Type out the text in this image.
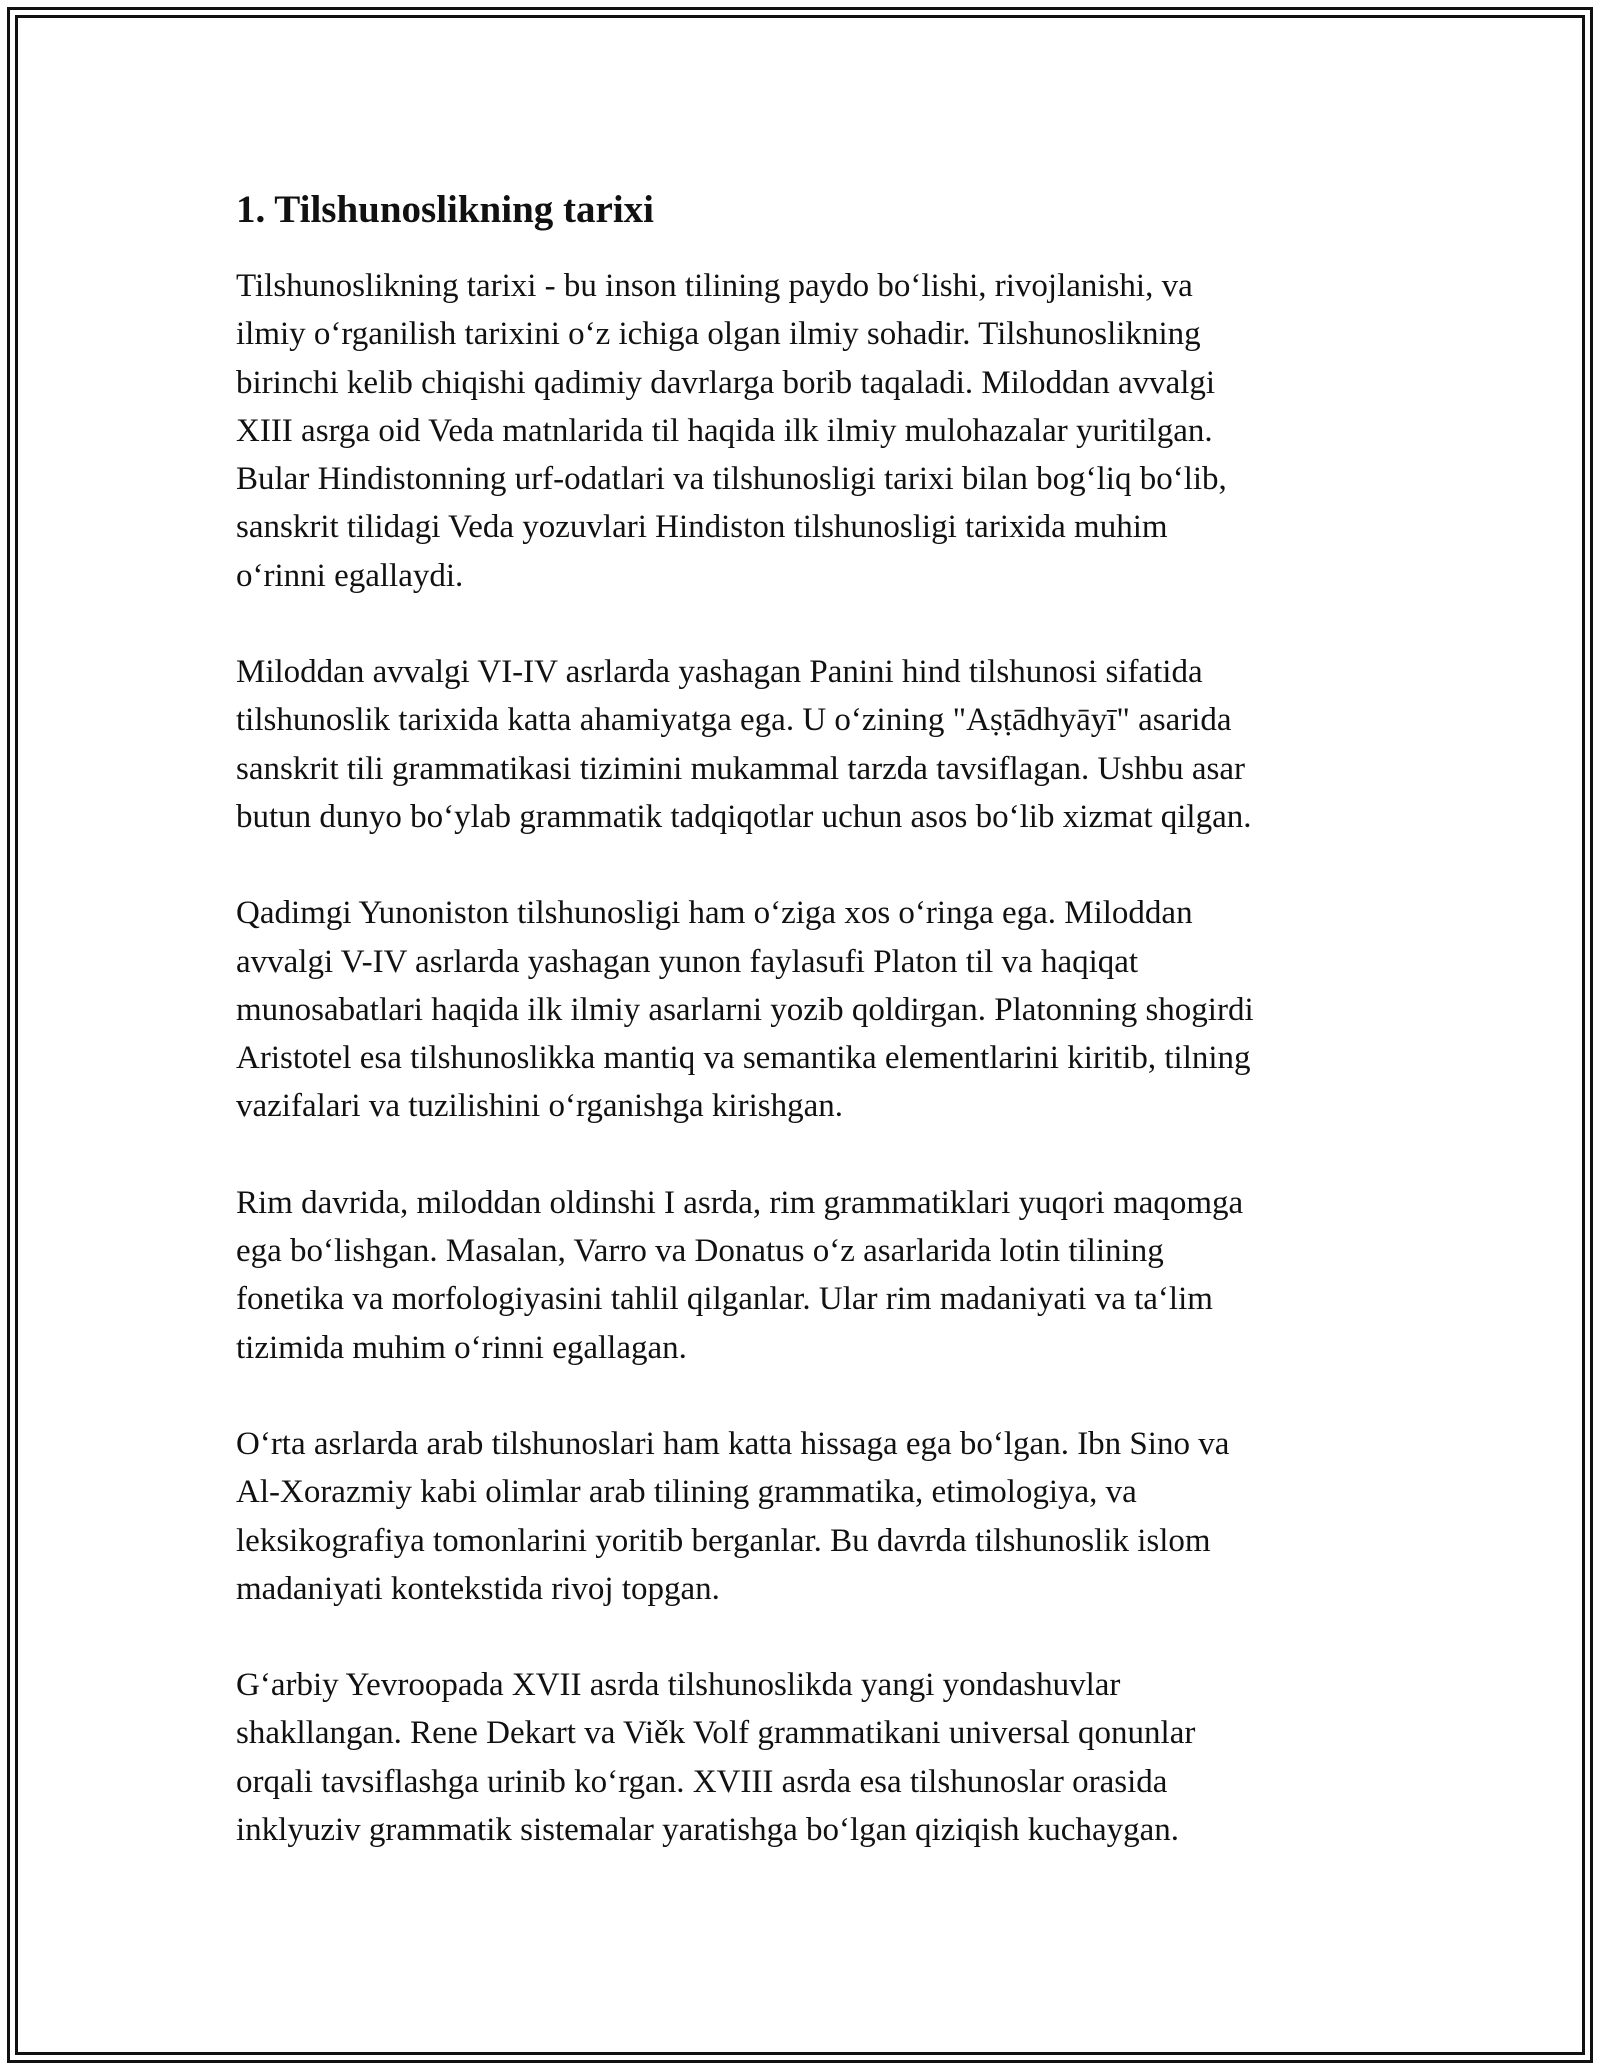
1. Tilshunoslikning tarixi

Tilshunoslikning tarixi - bu inson tilining paydo bo‘lishi, rivojlanishi, va
ilmiy o‘rganilish tarixini o‘z ichiga olgan ilmiy sohadir. Tilshunoslikning
birinchi kelib chiqishi qadimiy davrlarga borib taqaladi. Miloddan avvalgi
XIII asrga oid Veda matnlarida til haqida ilk ilmiy mulohazalar yuritilgan.
Bular Hindistonning urf-odatlari va tilshunosligi tarixi bilan bog‘liq bo‘lib,
sanskrit tilidagi Veda yozuvlari Hindiston tilshunosligi tarixida muhim
o‘rinni egallaydi.

Miloddan avvalgi VI-IV asrlarda yashagan Panini hind tilshunosi sifatida
tilshunoslik tarixida katta ahamiyatga ega. U o‘zining "Aṣṭādhyāyī" asarida
sanskrit tili grammatikasi tizimini mukammal tarzda tavsiflagan. Ushbu asar
butun dunyo bo‘ylab grammatik tadqiqotlar uchun asos bo‘lib xizmat qilgan.

Qadimgi Yunoniston tilshunosligi ham o‘ziga xos o‘ringa ega. Miloddan
avvalgi V-IV asrlarda yashagan yunon faylasufi Platon til va haqiqat
munosabatlari haqida ilk ilmiy asarlarni yozib qoldirgan. Platonning shogirdi
Aristotel esa tilshunoslikka mantiq va semantika elementlarini kiritib, tilning
vazifalari va tuzilishini o‘rganishga kirishgan.

Rim davrida, miloddan oldinshi I asrda, rim grammatiklari yuqori maqomga
ega bo‘lishgan. Masalan, Varro va Donatus o‘z asarlarida lotin tilining
fonetika va morfologiyasini tahlil qilganlar. Ular rim madaniyati va ta‘lim
tizimida muhim o‘rinni egallagan.

O‘rta asrlarda arab tilshunoslari ham katta hissaga ega bo‘lgan. Ibn Sino va
Al-Xorazmiy kabi olimlar arab tilining grammatika, etimologiya, va
leksikografiya tomonlarini yoritib berganlar. Bu davrda tilshunoslik islom
madaniyati kontekstida rivoj topgan.

G‘arbiy Yevroopada XVII asrda tilshunoslikda yangi yondashuvlar
shakllangan. Rene Dekart va Viěk Volf grammatikani universal qonunlar
orqali tavsiflashga urinib ko‘rgan. XVIII asrda esa tilshunoslar orasida
inklyuziv grammatik sistemalar yaratishga bo‘lgan qiziqish kuchaygan.
